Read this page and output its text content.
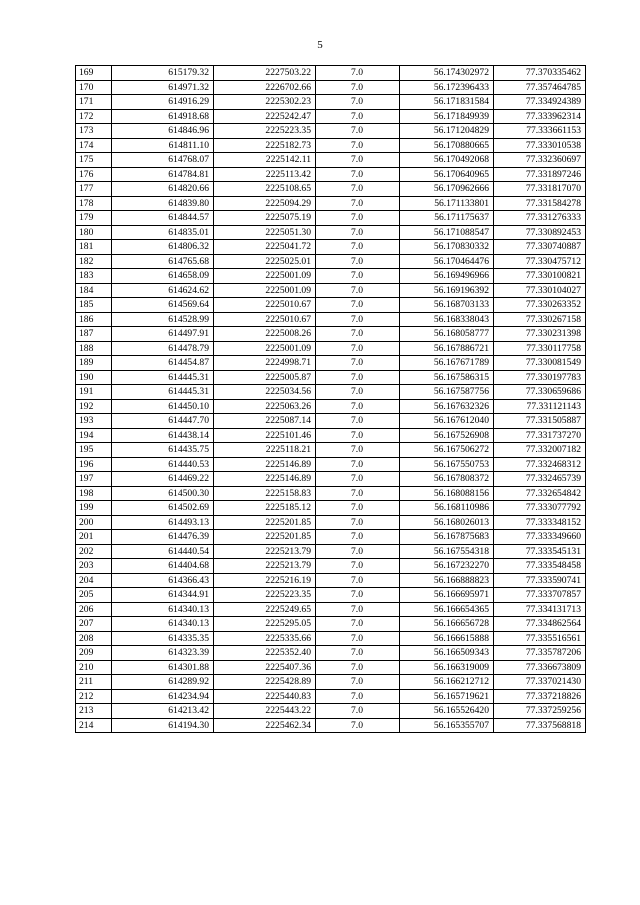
5
169	615179.32	2227503.22	7.0	56.174302972	77.370335462
170	614971.32	2226702.66	7.0	56.172396433	77.357464785
171	614916.29	2225302.23	7.0	56.171831584	77.334924389
172	614918.68	2225242.47	7.0	56.171849939	77.333962314
173	614846.96	2225223.35	7.0	56.171204829	77.333661153
174	614811.10	2225182.73	7.0	56.170880665	77.333010538
175	614768.07	2225142.11	7.0	56.170492068	77.332360697
176	614784.81	2225113.42	7.0	56.170640965	77.331897246
177	614820.66	2225108.65	7.0	56.170962666	77.331817070
178	614839.80	2225094.29	7.0	56.171133801	77.331584278
179	614844.57	2225075.19	7.0	56.171175637	77.331276333
180	614835.01	2225051.30	7.0	56.171088547	77.330892453
181	614806.32	2225041.72	7.0	56.170830332	77.330740887
182	614765.68	2225025.01	7.0	56.170464476	77.330475712
183	614658.09	2225001.09	7.0	56.169496966	77.330100821
184	614624.62	2225001.09	7.0	56.169196392	77.330104027
185	614569.64	2225010.67	7.0	56.168703133	77.330263352
186	614528.99	2225010.67	7.0	56.168338043	77.330267158
187	614497.91	2225008.26	7.0	56.168058777	77.330231398
188	614478.79	2225001.09	7.0	56.167886721	77.330117758
189	614454.87	2224998.71	7.0	56.167671789	77.330081549
190	614445.31	2225005.87	7.0	56.167586315	77.330197783
191	614445.31	2225034.56	7.0	56.167587756	77.330659686
192	614450.10	2225063.26	7.0	56.167632326	77.331121143
193	614447.70	2225087.14	7.0	56.167612040	77.331505887
194	614438.14	2225101.46	7.0	56.167526908	77.331737270
195	614435.75	2225118.21	7.0	56.167506272	77.332007182
196	614440.53	2225146.89	7.0	56.167550753	77.332468312
197	614469.22	2225146.89	7.0	56.167808372	77.332465739
198	614500.30	2225158.83	7.0	56.168088156	77.332654842
199	614502.69	2225185.12	7.0	56.168110986	77.333077792
200	614493.13	2225201.85	7.0	56.168026013	77.333348152
201	614476.39	2225201.85	7.0	56.167875683	77.333349660
202	614440.54	2225213.79	7.0	56.167554318	77.333545131
203	614404.68	2225213.79	7.0	56.167232270	77.333548458
204	614366.43	2225216.19	7.0	56.166888823	77.333590741
205	614344.91	2225223.35	7.0	56.166695971	77.333707857
206	614340.13	2225249.65	7.0	56.166654365	77.334131713
207	614340.13	2225295.05	7.0	56.166656728	77.334862564
208	614335.35	2225335.66	7.0	56.166615888	77.335516561
209	614323.39	2225352.40	7.0	56.166509343	77.335787206
210	614301.88	2225407.36	7.0	56.166319009	77.336673809
211	614289.92	2225428.89	7.0	56.166212712	77.337021430
212	614234.94	2225440.83	7.0	56.165719621	77.337218826
213	614213.42	2225443.22	7.0	56.165526420	77.337259256
214	614194.30	2225462.34	7.0	56.165355707	77.337568818
